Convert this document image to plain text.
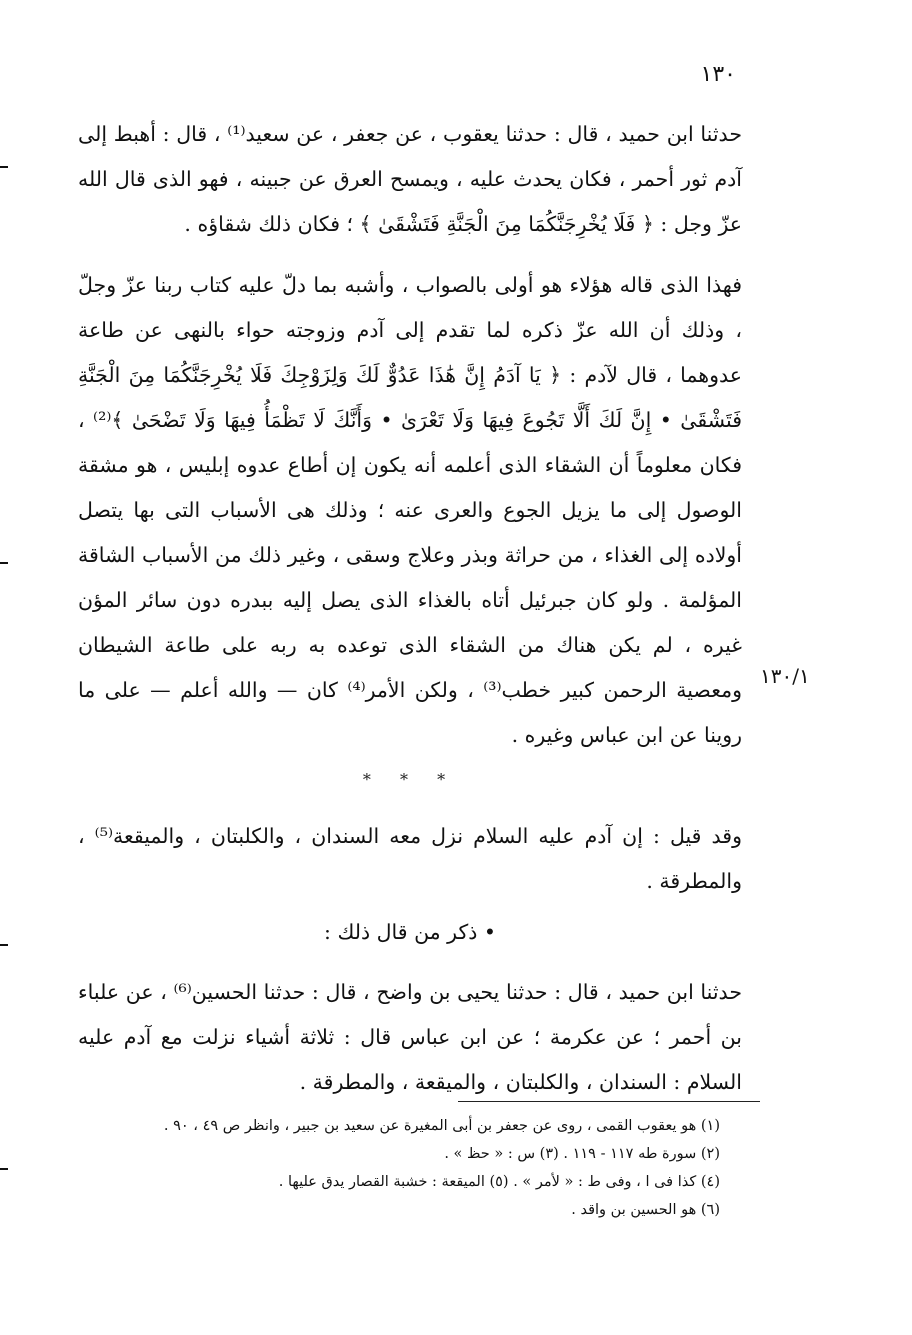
١٣٠
١٣٠/١

حدثنا ابن حميد ، قال : حدثنا يعقوب ، عن جعفر ، عن سعيد⁽¹⁾ ، قال : أهبط إلى آدم ثور أحمر ، فكان يحدث عليه ، ويمسح العرق عن جبينه ، فهو الذى قال الله عزّ وجل : ﴿ فَلَا يُخْرِجَنَّكُمَا مِنَ الْجَنَّةِ فَتَشْقَىٰ ﴾ ؛ فكان ذلك شقاؤه .

فهذا الذى قاله هؤلاء هو أولى بالصواب ، وأشبه بما دلّ عليه كتاب ربنا عزّ وجلّ ، وذلك أن الله عزّ ذكره لما تقدم إلى آدم وزوجته حواء بالنهى عن طاعة عدوهما ، قال لآدم : ﴿ يَا آدَمُ إِنَّ هَٰذَا عَدُوٌّ لَكَ وَلِزَوْجِكَ فَلَا يُخْرِجَنَّكُمَا مِنَ الْجَنَّةِ فَتَشْقَىٰ • إِنَّ لَكَ أَلَّا تَجُوعَ فِيهَا وَلَا تَعْرَىٰ • وَأَنَّكَ لَا تَظْمَأُ فِيهَا وَلَا تَضْحَىٰ ﴾⁽²⁾ ، فكان معلوماً أن الشقاء الذى أعلمه أنه يكون إن أطاع عدوه إبليس ، هو مشقة الوصول إلى ما يزيل الجوع والعرى عنه ؛ وذلك هى الأسباب التى بها يتصل أولاده إلى الغذاء ، من حراثة وبذر وعلاج وسقى ، وغير ذلك من الأسباب الشاقة المؤلمة . ولو كان جبرئيل أتاه بالغذاء الذى يصل إليه ببدره دون سائر المؤن غيره ، لم يكن هناك من الشقاء الذى توعده به ربه على طاعة الشيطان ومعصية الرحمن كبير خطب⁽³⁾ ، ولكن الأمر⁽⁴⁾ كان — والله أعلم — على ما روينا عن ابن عباس وغيره .

* * *

وقد قيل : إن آدم عليه السلام نزل معه السندان ، والكلبتان ، والميقعة⁽⁵⁾ ، والمطرقة .

• ذكر من قال ذلك :

حدثنا ابن حميد ، قال : حدثنا يحيى بن واضح ، قال : حدثنا الحسين⁽⁶⁾ ، عن علباء بن أحمر ؛ عن عكرمة ؛ عن ابن عباس قال : ثلاثة أشياء نزلت مع آدم عليه السلام : السندان ، والكلبتان ، والميقعة ، والمطرقة .

(١) هو يعقوب القمى ، روى عن جعفر بن أبى المغيرة عن سعيد بن جبير ، وانظر ص ٤٩ ، ٩٠ .
(٢) سورة طه ١١٧ - ١١٩ . (٣) س : « حظ » .
(٤) كذا فى ا ، وفى ط : « لأمر » . (٥) الميقعة : خشبة القصار يدق عليها .
(٦) هو الحسين بن واقد .
